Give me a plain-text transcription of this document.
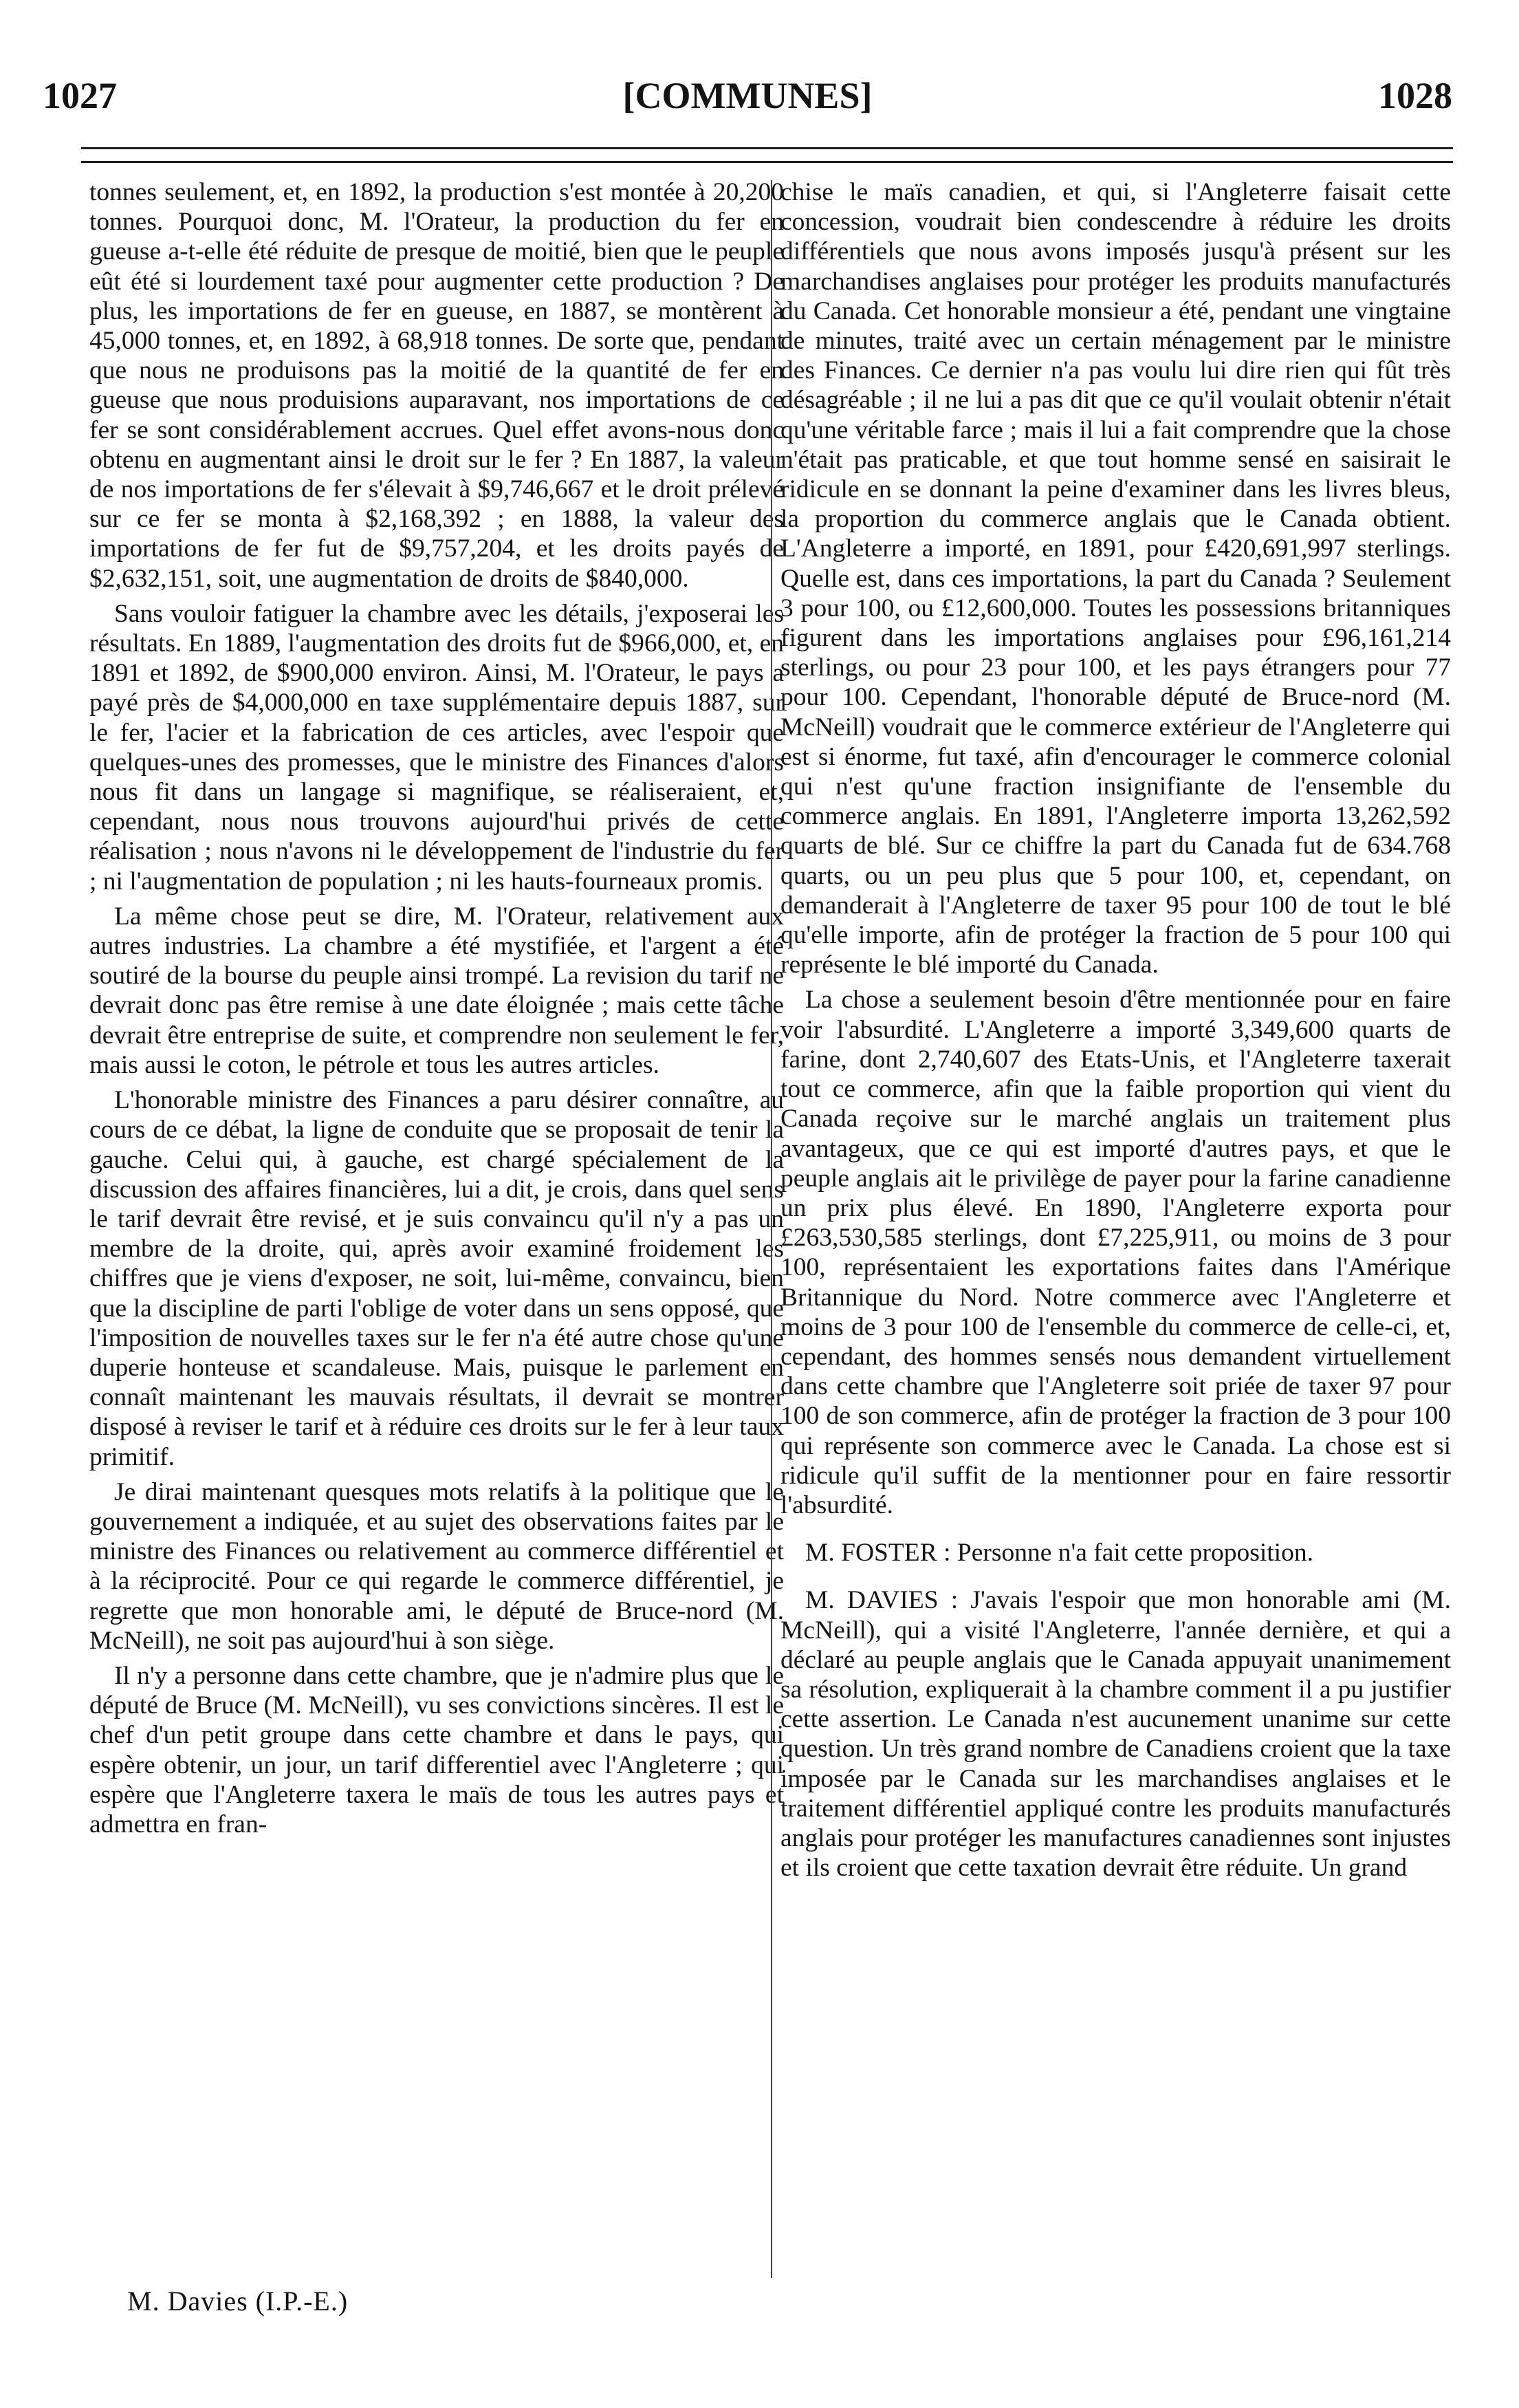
1027	[COMMUNES]	1028

tonnes seulement, et, en 1892, la production s'est montée à 20,200 tonnes. Pourquoi donc, M. l'Orateur, la production du fer en gueuse a-t-elle été réduite de presque de moitié, bien que le peuple eût été si lourdement taxé pour augmenter cette production ? De plus, les importations de fer en gueuse, en 1887, se montèrent à 45,000 tonnes, et, en 1892, à 68,918 tonnes. De sorte que, pendant que nous ne produisons pas la moitié de la quantité de fer en gueuse que nous produisions auparavant, nos importations de ce fer se sont considérablement accrues. Quel effet avons-nous donc obtenu en augmentant ainsi le droit sur le fer ? En 1887, la valeur de nos importations de fer s'élevait à $9,746,667 et le droit prélevé sur ce fer se monta à $2,168,392 ; en 1888, la valeur des importations de fer fut de $9,757,204, et les droits payés de $2,632,151, soit, une augmentation de droits de $840,000.

Sans vouloir fatiguer la chambre avec les détails, j'exposerai les résultats. En 1889, l'augmentation des droits fut de $966,000, et, en 1891 et 1892, de $900,000 environ. Ainsi, M. l'Orateur, le pays a payé près de $4,000,000 en taxe supplémentaire depuis 1887, sur le fer, l'acier et la fabrication de ces articles, avec l'espoir que quelques-unes des promesses, que le ministre des Finances d'alors nous fit dans un langage si magnifique, se réaliseraient, et, cependant, nous nous trouvons aujourd'hui privés de cette réalisation ; nous n'avons ni le développement de l'industrie du fer ; ni l'augmentation de population ; ni les hauts-fourneaux promis.

La même chose peut se dire, M. l'Orateur, relativement aux autres industries. La chambre a été mystifiée, et l'argent a été soutiré de la bourse du peuple ainsi trompé. La revision du tarif ne devrait donc pas être remise à une date éloignée ; mais cette tâche devrait être entreprise de suite, et comprendre non seulement le fer, mais aussi le coton, le pétrole et tous les autres articles.

L'honorable ministre des Finances a paru désirer connaître, au cours de ce débat, la ligne de conduite que se proposait de tenir la gauche. Celui qui, à gauche, est chargé spécialement de la discussion des affaires financières, lui a dit, je crois, dans quel sens le tarif devrait être revisé, et je suis convaincu qu'il n'y a pas un membre de la droite, qui, après avoir examiné froidement les chiffres que je viens d'exposer, ne soit, lui-même, convaincu, bien que la discipline de parti l'oblige de voter dans un sens opposé, que l'imposition de nouvelles taxes sur le fer n'a été autre chose qu'une duperie honteuse et scandaleuse. Mais, puisque le parlement en connaît maintenant les mauvais résultats, il devrait se montrer disposé à reviser le tarif et à réduire ces droits sur le fer à leur taux primitif.

Je dirai maintenant quesques mots relatifs à la politique que le gouvernement a indiquée, et au sujet des observations faites par le ministre des Finances ou relativement au commerce différentiel et à la réciprocité. Pour ce qui regarde le commerce différentiel, je regrette que mon honorable ami, le député de Bruce-nord (M. McNeill), ne soit pas aujourd'hui à son siège.

Il n'y a personne dans cette chambre, que je n'admire plus que le député de Bruce (M. McNeill), vu ses convictions sincères. Il est le chef d'un petit groupe dans cette chambre et dans le pays, qui espère obtenir, un jour, un tarif differentiel avec l'Angleterre ; qui espère que l'Angleterre taxera le maïs de tous les autres pays et admettra en fran-

chise le maïs canadien, et qui, si l'Angleterre faisait cette concession, voudrait bien condescendre à réduire les droits différentiels que nous avons imposés jusqu'à présent sur les marchandises anglaises pour protéger les produits manufacturés du Canada. Cet honorable monsieur a été, pendant une vingtaine de minutes, traité avec un certain ménagement par le ministre des Finances. Ce dernier n'a pas voulu lui dire rien qui fût très désagréable ; il ne lui a pas dit que ce qu'il voulait obtenir n'était qu'une véritable farce ; mais il lui a fait comprendre que la chose n'était pas praticable, et que tout homme sensé en saisirait le ridicule en se donnant la peine d'examiner dans les livres bleus, la proportion du commerce anglais que le Canada obtient. L'Angleterre a importé, en 1891, pour £420,691,997 sterlings. Quelle est, dans ces importations, la part du Canada ? Seulement 3 pour 100, ou £12,600,000. Toutes les possessions britanniques figurent dans les importations anglaises pour £96,161,214 sterlings, ou pour 23 pour 100, et les pays étrangers pour 77 pour 100. Cependant, l'honorable député de Bruce-nord (M. McNeill) voudrait que le commerce extérieur de l'Angleterre qui est si énorme, fut taxé, afin d'encourager le commerce colonial qui n'est qu'une fraction insignifiante de l'ensemble du commerce anglais. En 1891, l'Angleterre importa 13,262,592 quarts de blé. Sur ce chiffre la part du Canada fut de 634.768 quarts, ou un peu plus que 5 pour 100, et, cependant, on demanderait à l'Angleterre de taxer 95 pour 100 de tout le blé qu'elle importe, afin de protéger la fraction de 5 pour 100 qui représente le blé importé du Canada.

La chose a seulement besoin d'être mentionnée pour en faire voir l'absurdité. L'Angleterre a importé 3,349,600 quarts de farine, dont 2,740,607 des Etats-Unis, et l'Angleterre taxerait tout ce commerce, afin que la faible proportion qui vient du Canada reçoive sur le marché anglais un traitement plus avantageux, que ce qui est importé d'autres pays, et que le peuple anglais ait le privilège de payer pour la farine canadienne un prix plus élevé. En 1890, l'Angleterre exporta pour £263,530,585 sterlings, dont £7,225,911, ou moins de 3 pour 100, représentaient les exportations faites dans l'Amérique Britannique du Nord. Notre commerce avec l'Angleterre et moins de 3 pour 100 de l'ensemble du commerce de celle-ci, et, cependant, des hommes sensés nous demandent virtuellement dans cette chambre que l'Angleterre soit priée de taxer 97 pour 100 de son commerce, afin de protéger la fraction de 3 pour 100 qui représente son commerce avec le Canada. La chose est si ridicule qu'il suffit de la mentionner pour en faire ressortir l'absurdité.

M. FOSTER : Personne n'a fait cette proposition.

M. DAVIES : J'avais l'espoir que mon honorable ami (M. McNeill), qui a visité l'Angleterre, l'année dernière, et qui a déclaré au peuple anglais que le Canada appuyait unanimement sa résolution, expliquerait à la chambre comment il a pu justifier cette assertion. Le Canada n'est aucunement unanime sur cette question. Un très grand nombre de Canadiens croient que la taxe imposée par le Canada sur les marchandises anglaises et le traitement différentiel appliqué contre les produits manufacturés anglais pour protéger les manufactures canadiennes sont injustes et ils croient que cette taxation devrait être réduite. Un grand

M. Davies (I.P.-E.)
